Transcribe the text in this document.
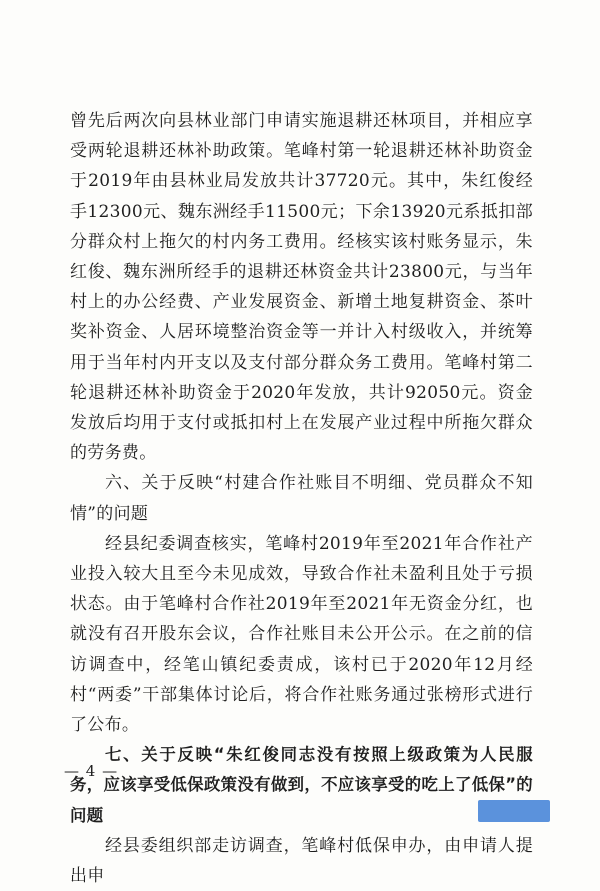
曾先后两次向县林业部门申请实施退耕还林项目，并相应享受两轮退耕还林补助政策。笔峰村第一轮退耕还林补助资金于2019年由县林业局发放共计37720元。其中，朱红俊经手12300元、魏东洲经手11500元；下余13920元系抵扣部分群众村上拖欠的村内务工费用。经核实该村账务显示，朱红俊、魏东洲所经手的退耕还林资金共计23800元，与当年村上的办公经费、产业发展资金、新增土地复耕资金、茶叶奖补资金、人居环境整治资金等一并计入村级收入，并统筹用于当年村内开支以及支付部分群众务工费用。笔峰村第二轮退耕还林补助资金于2020年发放，共计92050元。资金发放后均用于支付或抵扣村上在发展产业过程中所拖欠群众的劳务费。

六、关于反映“村建合作社账目不明细、党员群众不知情”的问题

经县纪委调查核实，笔峰村2019年至2021年合作社产业投入较大且至今未见成效，导致合作社未盈利且处于亏损状态。由于笔峰村合作社2019年至2021年无资金分红，也就没有召开股东会议，合作社账目未公开公示。在之前的信访调查中，经笔山镇纪委责成，该村已于2020年12月经村“两委”干部集体讨论后，将合作社账务通过张榜形式进行了公布。

七、关于反映“朱红俊同志没有按照上级政策为人民服务，应该享受低保政策没有做到，不应该享受的吃上了低保”的问题

经县委组织部走访调查，笔峰村低保申办，由申请人提出申

— 4 —
